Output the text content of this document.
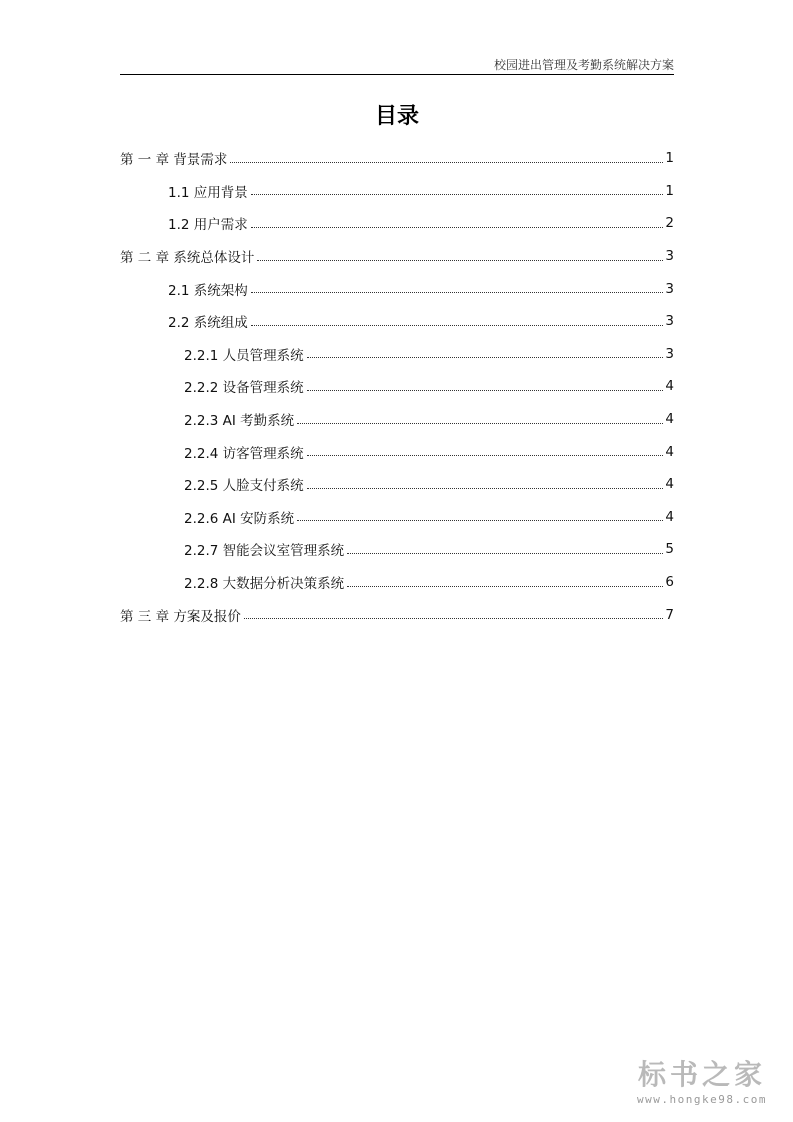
校园进出管理及考勤系统解决方案
目录
第 一 章 背景需求	1
1.1 应用背景	1
1.2 用户需求	2
第 二 章 系统总体设计	3
2.1 系统架构	3
2.2 系统组成	3
2.2.1 人员管理系统	3
2.2.2 设备管理系统	4
2.2.3 AI 考勤系统	4
2.2.4 访客管理系统	4
2.2.5 人脸支付系统	4
2.2.6 AI 安防系统	4
2.2.7 智能会议室管理系统	5
2.2.8 大数据分析决策系统	6
第 三 章 方案及报价	7
标书之家
www.hongke98.com
